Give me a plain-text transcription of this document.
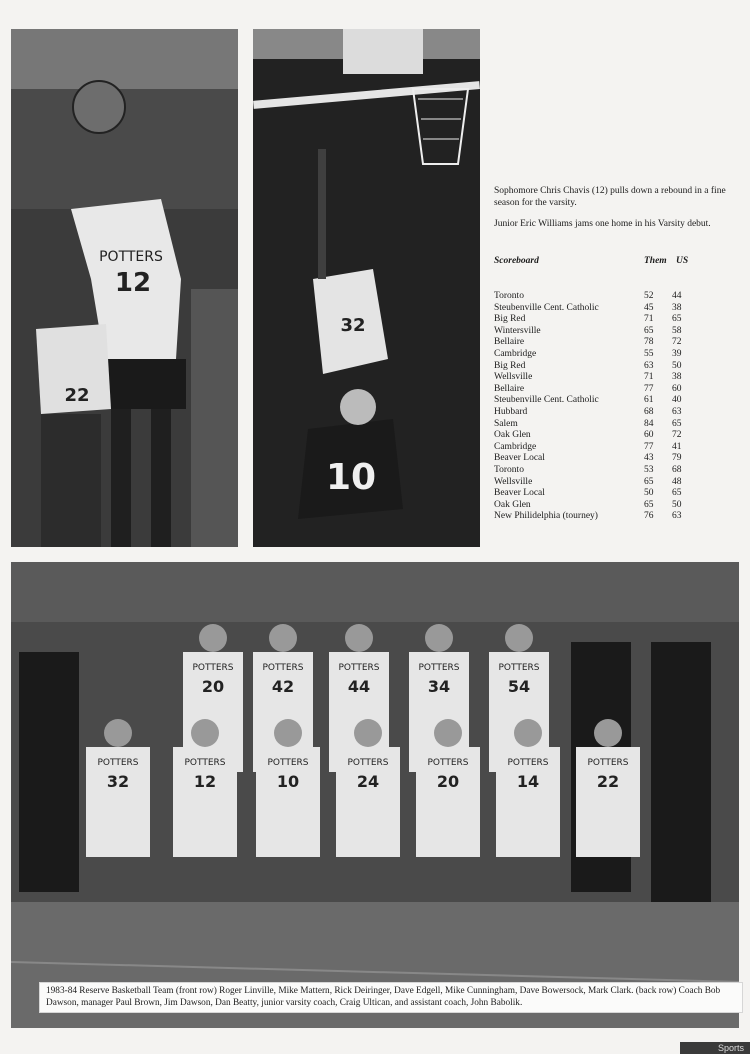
POTTERS
12
22
32
10

Sophomore Chris Chavis (12) pulls down a rebound in a fine season for the varsity.

Junior Eric Williams jams one home in his Varsity debut.

Scoreboard	Them US
Toronto	52	44
Steubenville Cent. Catholic	45	38
Big Red	71	65
Wintersville	65	58
Bellaire	78	72
Cambridge	55	39
Big Red	63	50
Wellsville	71	38
Bellaire	77	60
Steubenville Cent. Catholic	61	40
Hubbard	68	63
Salem	84	65
Oak Glen	60	72
Cambridge	77	41
Beaver Local	43	79
Toronto	53	68
Wellsville	65	48
Beaver Local	50	65
Oak Glen	65	50
New Philidelphia (tourney)	76	63
POTTERS
20
POTTERS
42
POTTERS
44
POTTERS
34
POTTERS
54
POTTERS
32
POTTERS
12
POTTERS
10
POTTERS
24
POTTERS
20
POTTERS
14
POTTERS
22
1983-84 Reserve Basketball Team (front row) Roger Linville, Mike Mattern, Rick Deiringer, Dave Edgell, Mike Cunningham, Dave Bowersock, Mark Clark. (back row) Coach Bob Dawson, manager Paul Brown, Jim Dawson, Dan Beatty, junior varsity coach, Craig Ultican, and assistant coach, John Babolik.
Sports
